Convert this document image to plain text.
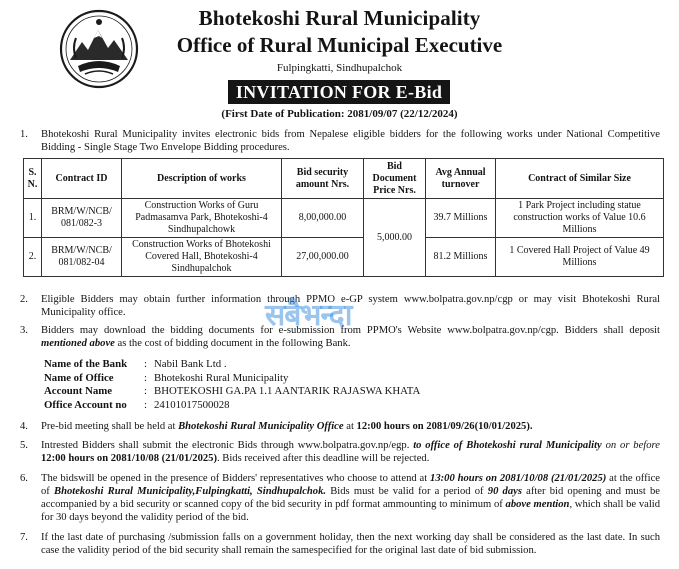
Bhotekoshi Rural Municipality
Office of Rural Municipal Executive
Fulpingkatti, Sindhupalchok
INVITATION FOR E-Bid
(First Date of Publication: 2081/09/07 (22/12/2024)
1. Bhotekoshi Rural Municipality invites electronic bids from Nepalese eligible bidders for the following works under National Competitive Bidding - Single Stage Two Envelope Bidding procedures.
S. N.	Contract ID	Description of works	Bid security amount Nrs.	Bid Document Price Nrs.	Avg Annual turnover	Contract of Similar Size
1.	BRM/W/NCB/ 081/082-3	Construction Works of Guru Padmasamva Park, Bhotekoshi-4 Sindhupalchowk	8,00,000.00	5,000.00	39.7 Millions	1 Park Project including statue construction works of Value 10.6 Millions
2.	BRM/W/NCB/ 081/082-04	Construction Works of Bhotekoshi Covered Hall, Bhotekoshi-4 Sindhupalchok	27,00,000.00		81.2 Millions	1 Covered Hall Project of Value 49 Millions
2. Eligible Bidders may obtain further information through PPMO e-GP system www.bolpatra.gov.np/cgp or may visit Bhotekoshi Rural Municipality office.	सबैभन्दा
3. Bidders may download the bidding documents for e-submission from PPMO's Website www.bolpatra.gov.np/cgp. Bidders shall deposit mentioned above as the cost of bidding document in the following Bank.
Name of the Bank	: Nabil Bank Ltd .
Name of Office	: Bhotekoshi Rural Municipality
Account Name	: BHOTEKOSHI GA.PA 1.1 AANTARIK RAJASWA KHATA
Office Account no	: 24101017500028
4. Pre-bid meeting shall be held at Bhotekoshi Rural Municipality Office at 12:00 hours on 2081/09/26(10/01/2025).
5. Intrested Bidders shall submit the electronic Bids through www.bolpatra.gov.np/egp. to office of Bhotekoshi rural Municipality on or before 12:00 hours on 2081/10/08 (21/01/2025). Bids received after this deadline will be rejected.
6. The bidswill be opened in the presence of Bidders' representatives who choose to attend at 13:00 hours on 2081/10/08 (21/01/2025) at the office of Bhotekoshi Rural Municipality,Fulpingkatti, Sindhupalchok. Bids must be valid for a period of 90 days after bid opening and must be accompanied by a bid security or scanned copy of the bid security in pdf format ammounting to minimum of above mention, which shall be valid for 30 days beyond the validity period of the bid.
7. If the last date of purchasing /submission falls on a government holiday, then the next working day shall be considered as the last date. In such case the validity period of the bid security shall remain the samespecified for the original last date of bid submission.
